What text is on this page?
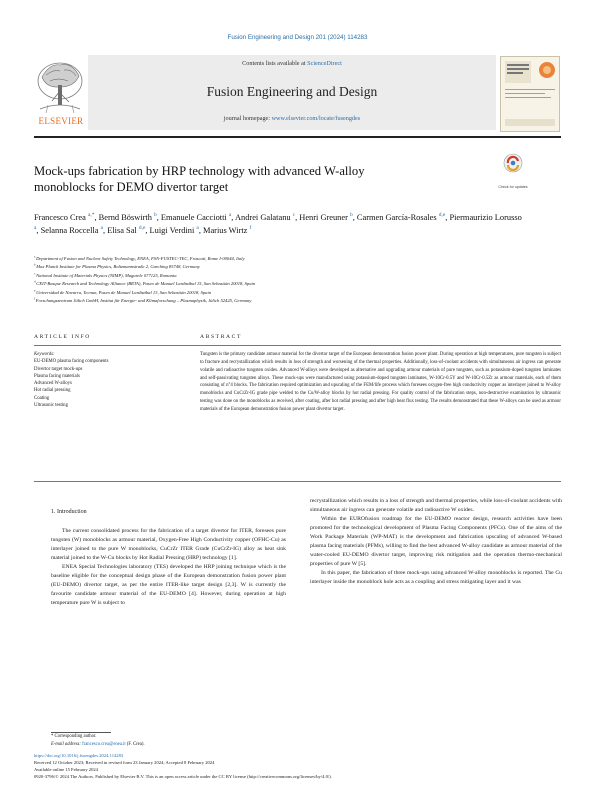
Fusion Engineering and Design 201 (2024) 114283
ELSEVIER
Contents lists available at ScienceDirect
Fusion Engineering and Design
journal homepage: www.elsevier.com/locate/fusengdes
Mock-ups fabrication by HRP technology with advanced W-alloy
monoblocks for DEMO divertor target	Check for updates
Francesco Crea $^{a,*}$, Bernd Böswirth $^b$, Emanuele Cacciotti $^a$, Andrei Galatanu $^c$, Henri Greuner $^b$, Carmen García-Rosales $^{d,e}$, Piermaurizio Lorusso $^a$, Selanna Roccella $^a$, Elisa Sal $^{d,e}$, Luigi Verdini $^a$, Marius Wirtz $^f$
$^a$ Department of Fusion and Nuclear Safety Technology, ENEA, FSN-FUSTEC-TEC, Frascati, Rome I-00044, Italy
$^b$ Max Planck Institute for Plasma Physics, Boltzmannstraße 2, Garching 85748, Germany
$^c$ National Institute of Materials Physics (NIMP), Magurele 077125, Romania
$^d$ CEIT-Basque Research and Technology Alliance (BRTA), Paseo de Manuel Lardizábal 15, San Sebastián 20018, Spain
$^e$ Universidad de Navarra, Tecnun, Paseo de Manuel Lardizábal 13, San Sebastián 20018, Spain
$^f$ Forschungszentrum Jülich GmbH, Institut für Energie- und Klimaforschung – Plasmaphysik, Jülich 52425, Germany
ARTICLE INFO	ABSTRACT
Keywords:
EU-DEMO plasma facing components
Divertor target mock-ups
Plasma facing materials
Advanced W-alloys
Hot radial pressing
Coating
Ultrasonic testing
Tungsten is the primary candidate armour material for the divertor target of the European demonstration fusion power plant. During operation at high temperatures, pure tungsten is subject to fracture and recrystallization which results in loss of strength and worsening of the thermal properties. Additionally, loss-of-coolant accidents with simultaneous air ingress can generate volatile and radioactive tungsten oxides. Advanced W-alloys were developed as alternative and upgrading armour materials of pure tungsten, such as potassium-doped tungsten laminates and self-passivating tungsten alloys. These mock-ups were manufactured using potassium-doped tungsten laminates, W-10Cr-0.5Y and W-10Cr-0.5Zr as armour materials, each of them consisting of n°4 blocks. The fabrication required optimization and upscaling of the FEM/life process which foresees oxygen-free high conductivity copper as interlayer joined to W-alloy monoblocks and CuCrZr-IG grade pipe welded to the Cu/W-alloy blocks by hot radial pressing. For quality control of the fabrication steps, non-destructive examination by ultrasonic testing was done on the monoblocks as received, after coating, after hot radial pressing and after high heat flux testing. The results demonstrated that these W-alloys can be used as armour materials of the European demonstration fusion power plant divertor target.
1. Introduction

The current consolidated process for the fabrication of a target divertor for ITER, foresees pure tungsten (W) monoblocks as armour material, Oxygen-Free High Conductivity copper (OFHC-Cu) as interlayer joined to the pure W monoblocks, CuCrZr ITER Grade (CuCrZr-IG) alloy as heat sink material joined to the W-Cu blocks by Hot Radial Pressing (HRP) technology [1].

ENEA Special Technologies laboratory (TES) developed the HRP joining technique which is the baseline eligible for the conceptual design phase of the European demonstration fusion power plant (EU-DEMO) divertor target, as per the entire ITER-like target design [2,3]. W is currently the favourite candidate armour material of the EU-DEMO [4]. However, during operation at high temperature pure W is subject to

recrystallization which results in a loss of strength and thermal properties, while loss-of-coolant accidents with simultaneous air ingress can generate volatile and radioactive W oxides.

Within the EUROfusion roadmap for the EU-DEMO reactor design, research activities have been promoted for the technological development of Plasma Facing Components (PFCs). One of the aims of the Work Package Materials (WP-MAT) is the development and fabrication upscaling of advanced W-based plasma facing materials (PFMs), willing to find the best advanced W-alloy candidate as armour material of the water-cooled EU-DEMO divertor target, improving risk mitigation and the operation thermo-mechanical properties of pure W [5].

In this paper, the fabrication of three mock-ups using advanced W-alloy monoblocks is reported. The Cu interlayer inside the monoblock hole acts as a coupling and stress mitigating layer and it was

* Corresponding author.
E-mail address: francesco.crea@enea.it (F. Crea).
https://doi.org/10.1016/j.fusengdes.2024.114283
Received 12 October 2023; Received in revised form 23 January 2024; Accepted 8 February 2024
Available online 15 February 2024
0920-3796/© 2024 The Authors. Published by Elsevier B.V. This is an open access article under the CC BY license (http://creativecommons.org/licenses/by/4.0/).
